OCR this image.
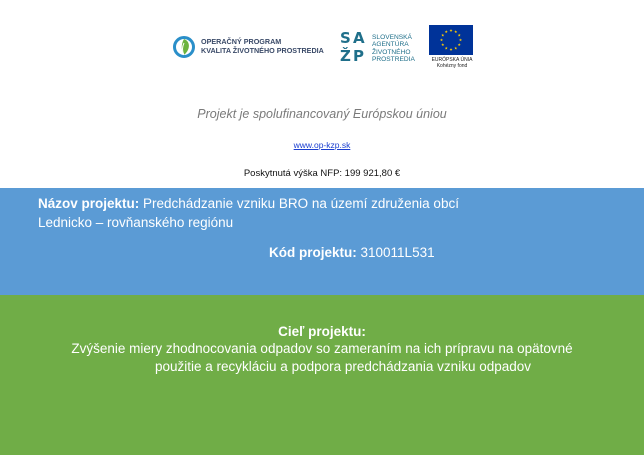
OPERAČNÝ PROGRAM
KVALITA ŽIVOTNÉHO PROSTREDIA
S A
Ž P
SLOVENSKÁ
AGENTÚRA
ŽIVOTNÉHO
PROSTREDIA	EURÓPSKA ÚNIA
Kohézny fond
Projekt je spolufinancovaný Európskou úniou
www.op-kzp.sk
Poskytnutá výška NFP: 199 921,80 €
Názov projektu: Predchádzanie vzniku BRO na území združenia obcí Lednicko – rovňanského regiónu
Kód projektu: 310011L531
Cieľ projektu:
Zvýšenie miery zhodnocovania odpadov so zameraním na ich prípravu na opätovné
použitie a recykláciu a podpora predchádzania vzniku odpadov
